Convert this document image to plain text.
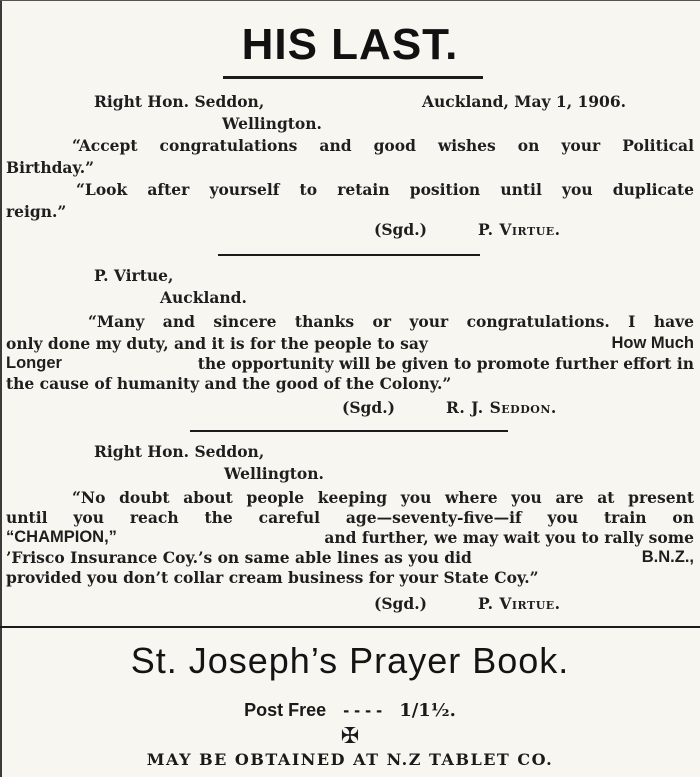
HIS LAST.
Right Hon. Seddon,	Auckland, May 1, 1906.
Wellington.
“Accept congratulations and good wishes on your Political
Birthday.”
“Look after yourself to retain position until you duplicate
reign.”
(Sgd.)	P. Virtue.
P. Virtue,
Auckland.
“Many and sincere thanks or your congratulations. I have
only done my duty, and it is for the people to say	How Much
Longer	the opportunity will be given to promote further effort in
the cause of humanity and the good of the Colony.”
(Sgd.)	R. J. Seddon.
Right Hon. Seddon,
Wellington.
“No doubt about people keeping you where you are at present
until you reach the careful age—seventy-five—if you train on
“CHAMPION,”	and further, we may wait you to rally some
’Frisco Insurance Coy.’s on same able lines as you did	B.N.Z.,
provided you don’t collar cream business for your State Coy.”
(Sgd.)	P. Virtue.
St. Joseph’s Prayer Book.
Post Free - - - - 1/1½.
✠
MAY BE OBTAINED AT N.Z TABLET CO.
